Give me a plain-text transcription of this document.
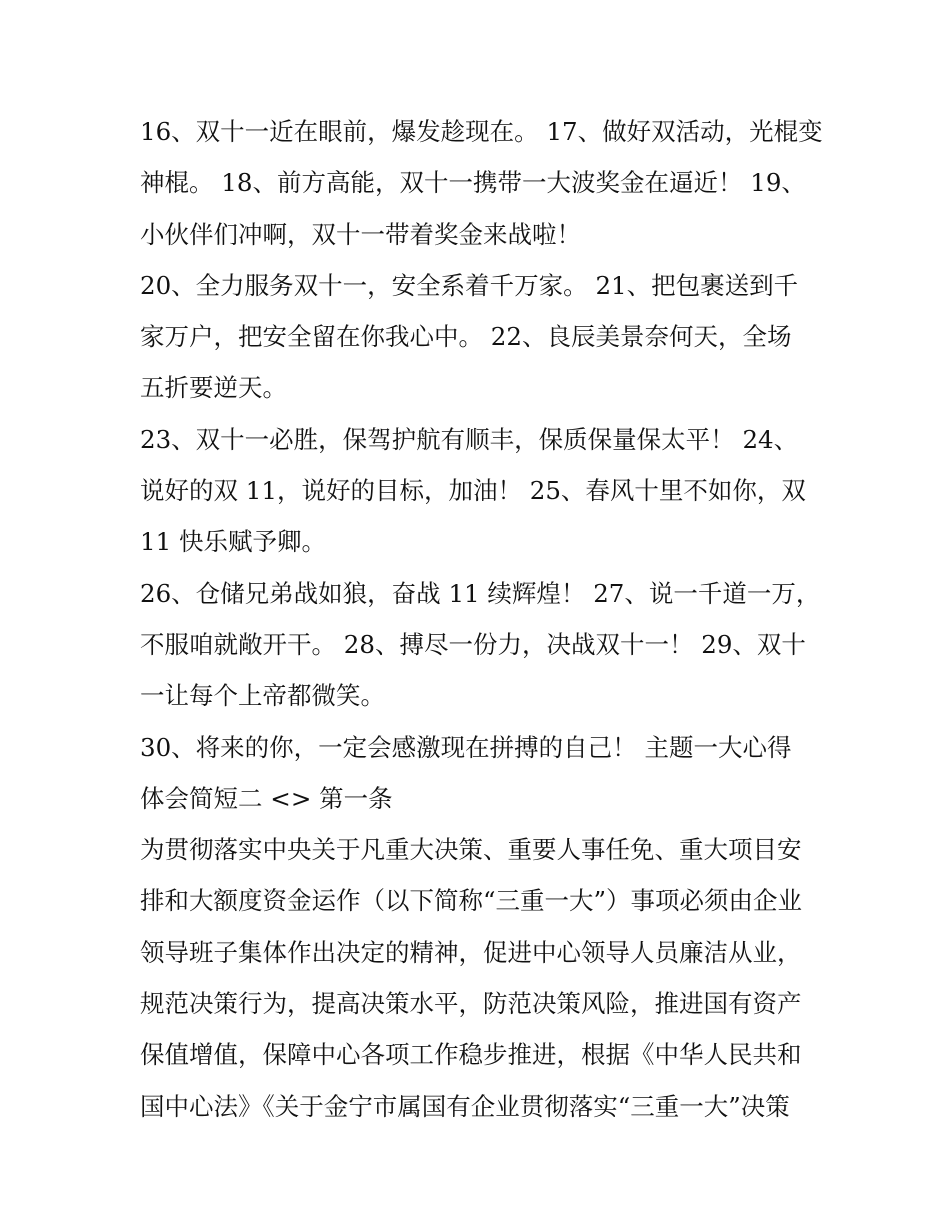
16、双十一近在眼前，爆发趁现在。 17、做好双活动，光棍变
神棍。 18、前方高能，双十一携带一大波奖金在逼近！ 19、
小伙伴们冲啊，双十一带着奖金来战啦！
20、全力服务双十一，安全系着千万家。 21、把包裹送到千
家万户，把安全留在你我心中。 22、良辰美景奈何天，全场
五折要逆天。
23、双十一必胜，保驾护航有顺丰，保质保量保太平！ 24、
说好的双 11，说好的目标，加油！ 25、春风十里不如你，双
11 快乐赋予卿。
26、仓储兄弟战如狼，奋战 11 续辉煌！ 27、说一千道一万，
不服咱就敞开干。 28、搏尽一份力，决战双十一！ 29、双十
一让每个上帝都微笑。
30、将来的你，一定会感激现在拼搏的自己！ 主题一大心得
体会简短二 <> 第一条
为贯彻落实中央关于凡重大决策、重要人事任免、重大项目安
排和大额度资金运作（以下简称“三重一大”）事项必须由企业
领导班子集体作出决定的精神，促进中心领导人员廉洁从业，
规范决策行为，提高决策水平，防范决策风险，推进国有资产
保值增值，保障中心各项工作稳步推进，根据《中华人民共和
国中心法》《关于金宁市属国有企业贯彻落实“三重一大”决策
